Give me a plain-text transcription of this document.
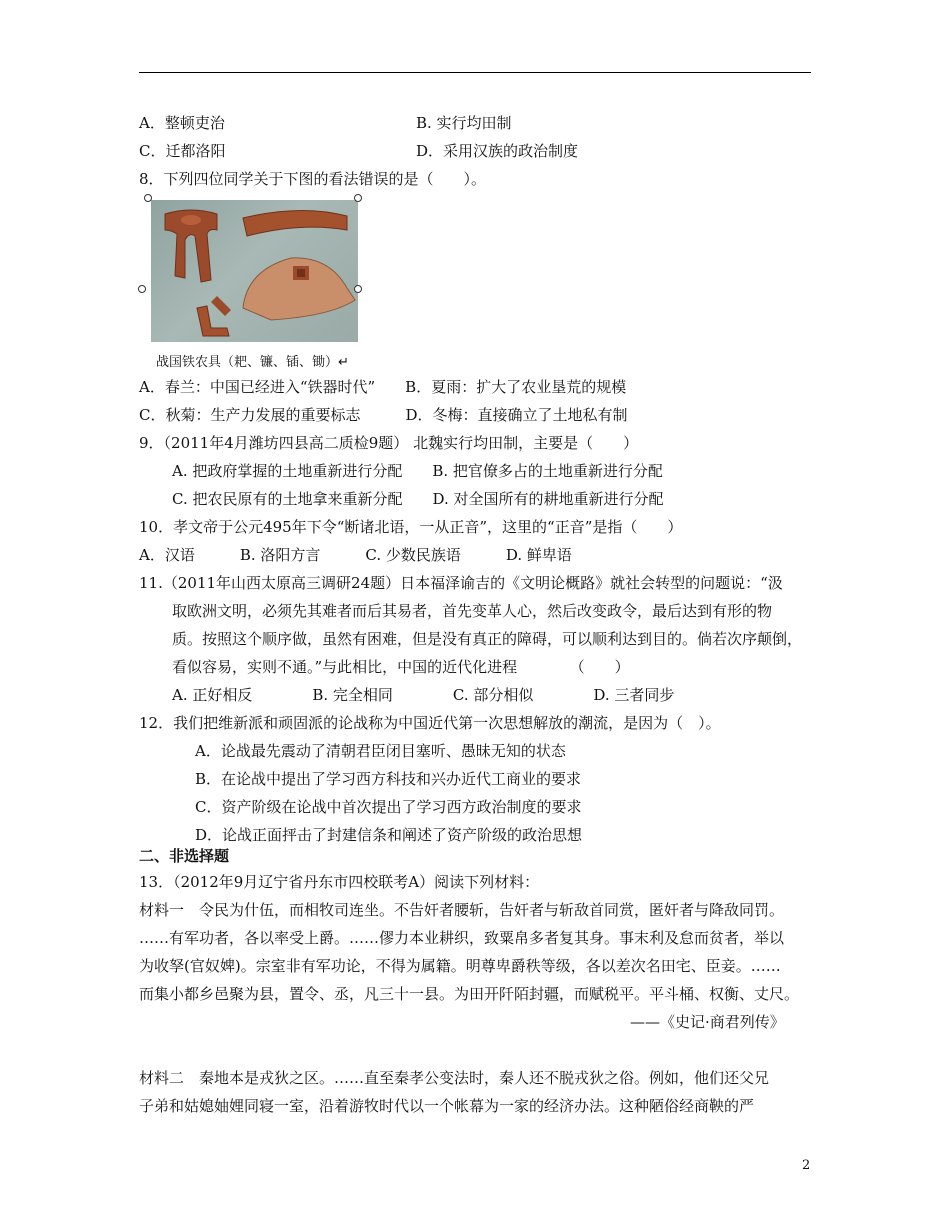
A．整顿吏治	B. 实行均田制
C．迁都洛阳	D．采用汉族的政治制度
8．下列四位同学关于下图的看法错误的是（　　）。
战国铁农具（耙、镰、锸、锄）↵
A．春兰：中国已经进入“铁器时代”　　B．夏雨：扩大了农业垦荒的规模
C．秋菊：生产力发展的重要标志　　　D．冬梅：直接确立了土地私有制
9．（2011年4月潍坊四县高二质检9题） 北魏实行均田制，主要是（　　）
A. 把政府掌握的土地重新进行分配　　B. 把官僚多占的土地重新进行分配
C. 把农民原有的土地拿来重新分配　　D. 对全国所有的耕地重新进行分配
10．孝文帝于公元495年下令“断诸北语，一从正音”，这里的“正音”是指（　　）
A．汉语　　　B. 洛阳方言　　　C. 少数民族语　　　D. 鲜卑语
11.（2011年山西太原高三调研24题）日本福泽谕吉的《文明论概路》就社会转型的问题说：“汲
取欧洲文明，必须先其难者而后其易者，首先变革人心，然后改变政令，最后达到有形的物
质。按照这个顺序做，虽然有困难，但是没有真正的障碍，可以顺利达到目的。倘若次序颠倒，
看似容易，实则不通。”与此相比，中国的近代化进程　　　　（　　）
A. 正好相反　　　　B. 完全相同　　　　C. 部分相似　　　　D. 三者同步
12．我们把维新派和顽固派的论战称为中国近代第一次思想解放的潮流，是因为（　）。
A．论战最先震动了清朝君臣闭目塞听、愚昧无知的状态
B．在论战中提出了学习西方科技和兴办近代工商业的要求
C．资产阶级在论战中首次提出了学习西方政治制度的要求
D．论战正面抨击了封建信条和阐述了资产阶级的政治思想
二、非选择题
13．（2012年9月辽宁省丹东市四校联考A）阅读下列材料：
材料一　令民为什伍，而相牧司连坐。不告奸者腰斩，告奸者与斩敌首同赏，匿奸者与降敌同罚。
……有军功者，各以率受上爵。……僇力本业耕织，致粟帛多者复其身。事末利及怠而贫者，举以
为收孥(官奴婢)。宗室非有军功论，不得为属籍。明尊卑爵秩等级，各以差次名田宅、臣妾。……
而集小都乡邑聚为县，置令、丞，凡三十一县。为田开阡陌封疆，而赋税平。平斗桶、权衡、丈尺。
——《史记·商君列传》
材料二　秦地本是戎狄之区。……直至秦孝公变法时，秦人还不脱戎狄之俗。例如，他们还父兄
子弟和姑媳妯娌同寝一室，沿着游牧时代以一个帐幕为一家的经济办法。这种陋俗经商鞅的严
2
